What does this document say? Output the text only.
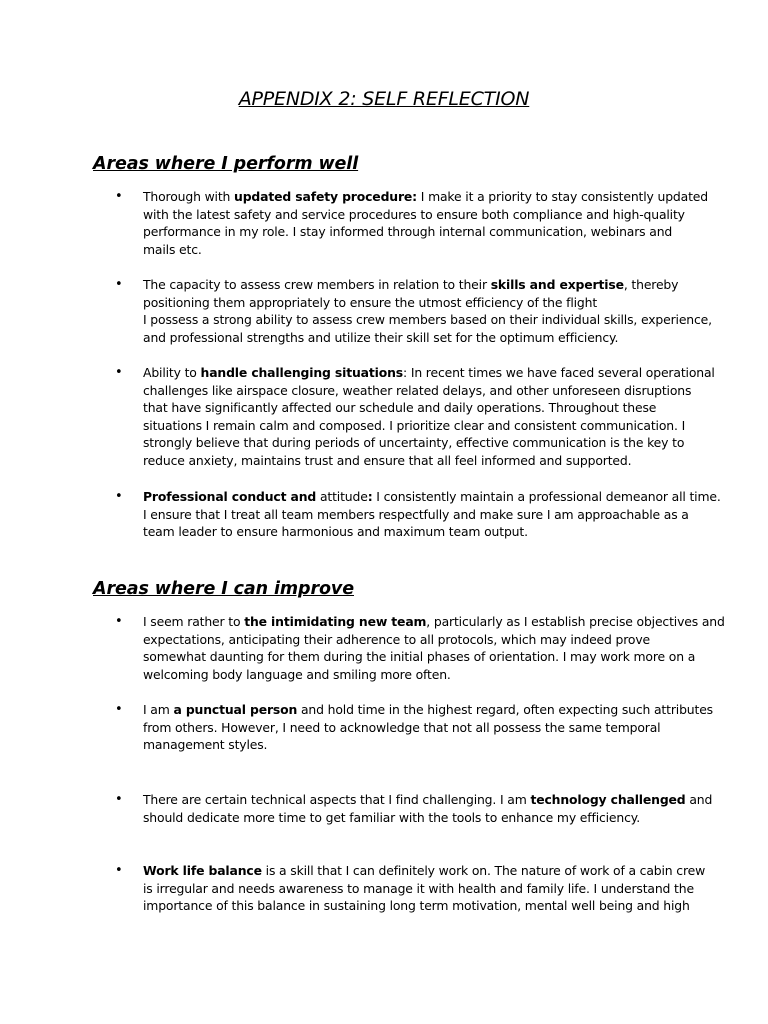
APPENDIX 2: SELF REFLECTION
Areas where I perform well
•	Thorough with updated safety procedure: I make it a priority to stay consistently updated
with the latest safety and service procedures to ensure both compliance and high-quality
performance in my role. I stay informed through internal communication, webinars and
mails etc.
•	The capacity to assess crew members in relation to their skills and expertise, thereby
positioning them appropriately to ensure the utmost efficiency of the flight
I possess a strong ability to assess crew members based on their individual skills, experience,
and professional strengths and utilize their skill set for the optimum efficiency.
•	Ability to handle challenging situations: In recent times we have faced several operational
challenges like airspace closure, weather related delays, and other unforeseen disruptions
that have significantly affected our schedule and daily operations. Throughout these
situations I remain calm and composed. I prioritize clear and consistent communication. I
strongly believe that during periods of uncertainty, effective communication is the key to
reduce anxiety, maintains trust and ensure that all feel informed and supported.
•	Professional conduct and attitude: I consistently maintain a professional demeanor all time.
I ensure that I treat all team members respectfully and make sure I am approachable as a
team leader to ensure harmonious and maximum team output.
Areas where I can improve
•	I seem rather to the intimidating new team, particularly as I establish precise objectives and
expectations, anticipating their adherence to all protocols, which may indeed prove
somewhat daunting for them during the initial phases of orientation. I may work more on a
welcoming body language and smiling more often.
•	I am a punctual person and hold time in the highest regard, often expecting such attributes
from others. However, I need to acknowledge that not all possess the same temporal
management styles.
•	There are certain technical aspects that I find challenging. I am technology challenged and
should dedicate more time to get familiar with the tools to enhance my efficiency.
•	Work life balance is a skill that I can definitely work on. The nature of work of a cabin crew
is irregular and needs awareness to manage it with health and family life. I understand the
importance of this balance in sustaining long term motivation, mental well being and high
